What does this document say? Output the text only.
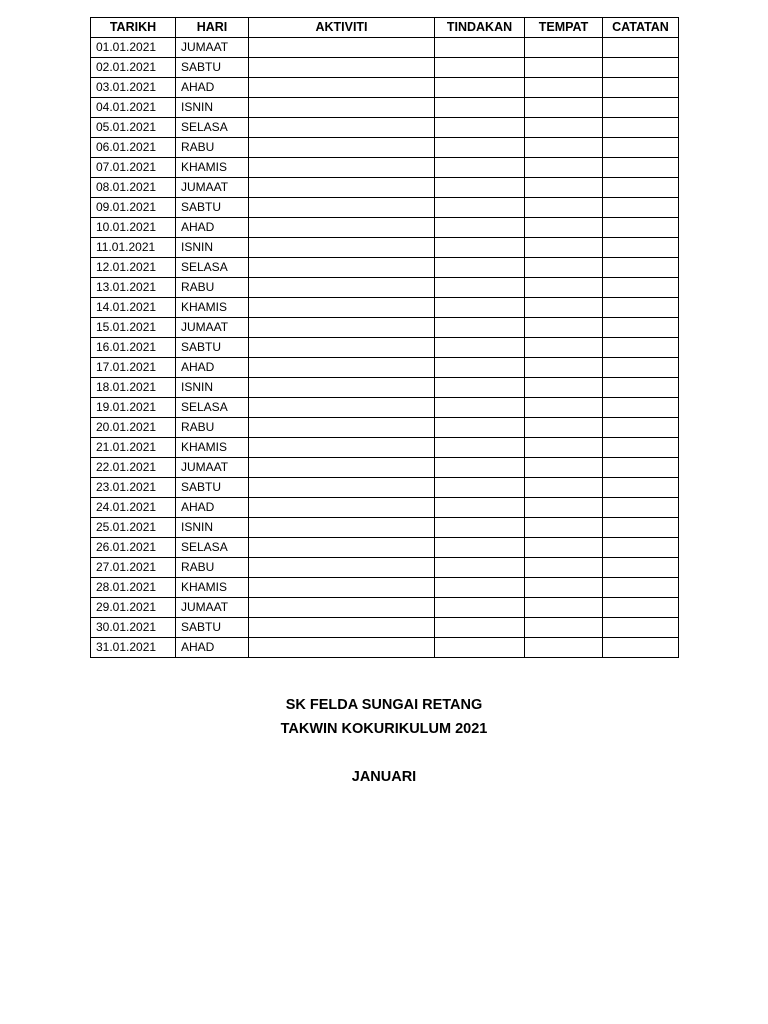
TARIKH	HARI	AKTIVITI	TINDAKAN	TEMPAT	CATATAN
01.01.2021	JUMAAT				
02.01.2021	SABTU				
03.01.2021	AHAD				
04.01.2021	ISNIN				
05.01.2021	SELASA				
06.01.2021	RABU				
07.01.2021	KHAMIS				
08.01.2021	JUMAAT				
09.01.2021	SABTU				
10.01.2021	AHAD				
11.01.2021	ISNIN				
12.01.2021	SELASA				
13.01.2021	RABU				
14.01.2021	KHAMIS				
15.01.2021	JUMAAT				
16.01.2021	SABTU				
17.01.2021	AHAD				
18.01.2021	ISNIN				
19.01.2021	SELASA				
20.01.2021	RABU				
21.01.2021	KHAMIS				
22.01.2021	JUMAAT				
23.01.2021	SABTU				
24.01.2021	AHAD				
25.01.2021	ISNIN				
26.01.2021	SELASA				
27.01.2021	RABU				
28.01.2021	KHAMIS				
29.01.2021	JUMAAT				
30.01.2021	SABTU				
31.01.2021	AHAD				
SK FELDA SUNGAI RETANG
TAKWIN KOKURIKULUM 2021
JANUARI
